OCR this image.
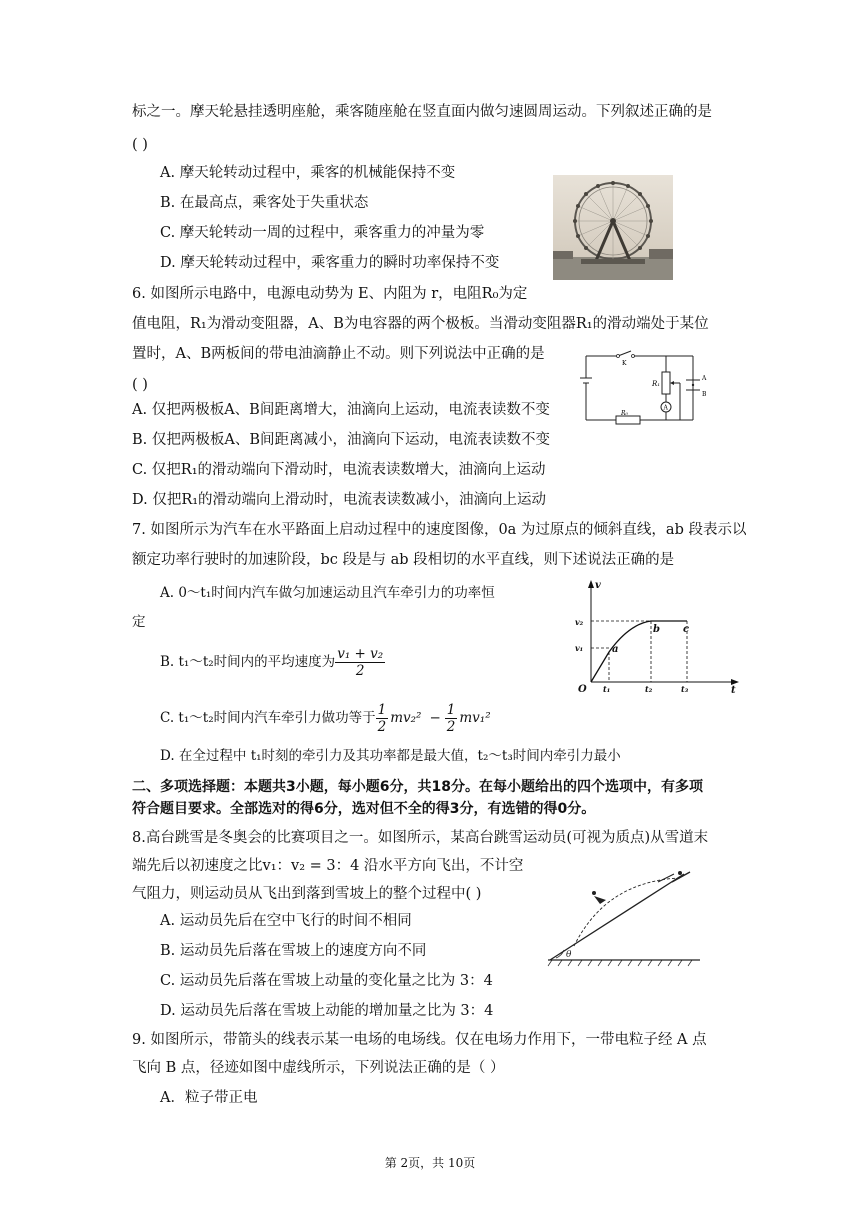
标之一。摩天轮悬挂透明座舱，乘客随座舱在竖直面内做匀速圆周运动。下列叙述正确的是
( )
A. 摩天轮转动过程中，乘客的机械能保持不变
B. 在最高点，乘客处于失重状态
C. 摩天轮转动一周的过程中，乘客重力的冲量为零
D. 摩天轮转动过程中，乘客重力的瞬时功率保持不变
6. 如图所示电路中，电源电动势为 E、内阻为 r，电阻R₀为定
值电阻，R₁为滑动变阻器，A、B为电容器的两个极板。当滑动变阻器R₁的滑动端处于某位
置时，A、B两板间的带电油滴静止不动。则下列说法中正确的是
( )
A. 仅把两极板A、B间距离增大，油滴向上运动，电流表读数不变
B. 仅把两极板A、B间距离减小，油滴向下运动，电流表读数不变
C. 仅把R₁的滑动端向下滑动时，电流表读数增大，油滴向上运动
D. 仅把R₁的滑动端向上滑动时，电流表读数减小，油滴向上运动
K
R₁
R₀
A
B
A
7. 如图所示为汽车在水平路面上启动过程中的速度图像，0a 为过原点的倾斜直线，ab 段表示以
额定功率行驶时的加速阶段，bc 段是与 ab 段相切的水平直线，则下述说法正确的是
A. 0～t₁时间内汽车做匀加速运动且汽车牵引力的功率恒
定
B. t₁～t₂时间内的平均速度为 $\frac{\text{v₁ + v₂}}{2}$
C. t₁～t₂时间内汽车牵引力做功等于 $\frac{1}{2} mv_2^2 - \frac{1}{2} mv_1^2$
D. 在全过程中 t₁时刻的牵引力及其功率都是最大值，t₂～t₃时间内牵引力最小
v
t
O
v₂
v₁
t₁	t₂	t₃
a
b c
二、多项选择题：本题共3小题，每小题6分，共18分。在每小题给出的四个选项中，有多项
符合题目要求。全部选对的得6分，选对但不全的得3分，有选错的得0分。
8.高台跳雪是冬奥会的比赛项目之一。如图所示，某高台跳雪运动员(可视为质点)从雪道末
端先后以初速度之比v₁：v₂ = 3：4 沿水平方向飞出，不计空
气阻力，则运动员从飞出到落到雪坡上的整个过程中( )
A. 运动员先后在空中飞行的时间不相同
B. 运动员先后落在雪坡上的速度方向不同
C. 运动员先后落在雪坡上动量的变化量之比为 3：4
D. 运动员先后落在雪坡上动能的增加量之比为 3：4
θ
9. 如图所示，带箭头的线表示某一电场的电场线。仅在电场力作用下，一带电粒子经 A 点
飞向 B 点，径迹如图中虚线所示，下列说法正确的是（ ）
A．粒子带正电
第 2页，共 10页
